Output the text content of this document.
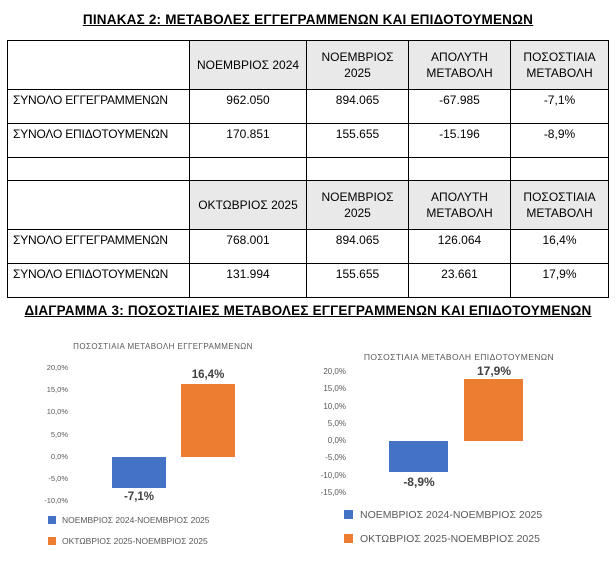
ΠΙΝΑΚΑΣ 2: ΜΕΤΑΒΟΛΕΣ ΕΓΓΕΓΡΑΜΜΕΝΩΝ ΚΑΙ ΕΠΙΔΟΤΟΥΜΕΝΩΝ
	ΝΟΕΜΒΡΙΟΣ 2024	ΝΟΕΜΒΡΙΟΣ 2025	ΑΠΟΛΥΤΗ ΜΕΤΑΒΟΛΗ	ΠΟΣΟΣΤΙΑΙΑ ΜΕΤΑΒΟΛΗ
ΣΥΝΟΛΟ ΕΓΓΕΓΡΑΜΜΕΝΩΝ	962.050	894.065	-67.985	-7,1%
ΣΥΝΟΛΟ ΕΠΙΔΟΤΟΥΜΕΝΩΝ	170.851	155.655	-15.196	-8,9%

	ΟΚΤΩΒΡΙΟΣ 2025	ΝΟΕΜΒΡΙΟΣ 2025	ΑΠΟΛΥΤΗ ΜΕΤΑΒΟΛΗ	ΠΟΣΟΣΤΙΑΙΑ ΜΕΤΑΒΟΛΗ
ΣΥΝΟΛΟ ΕΓΓΕΓΡΑΜΜΕΝΩΝ	768.001	894.065	126.064	16,4%
ΣΥΝΟΛΟ ΕΠΙΔΟΤΟΥΜΕΝΩΝ	131.994	155.655	23.661	17,9%
ΔΙΑΓΡΑΜΜΑ 3: ΠΟΣΟΣΤΙΑΙΕΣ ΜΕΤΑΒΟΛΕΣ ΕΓΓΕΓΡΑΜΜΕΝΩΝ ΚΑΙ ΕΠΙΔΟΤΟΥΜΕΝΩΝ
ΠΟΣΟΣΤΙΑΙΑ ΜΕΤΑΒΟΛΗ ΕΓΓΕΓΡΑΜΜΕΝΩΝ
-7,1%
16,4%
ΝΟΕΜΒΡΙΟΣ 2024-ΝΟΕΜΒΡΙΟΣ 2025
ΟΚΤΩΒΡΙΟΣ 2025-ΝΟΕΜΒΡΙΟΣ 2025
20,0%
15,0%
10,0%
5,0%
0,0%
-5,0%
-10,0%
ΠΟΣΟΣΤΙΑΙΑ ΜΕΤΑΒΟΛΗ ΕΠΙΔΟΤΟΥΜΕΝΩΝ
-8,9%
17,9%
ΝΟΕΜΒΡΙΟΣ 2024-ΝΟΕΜΒΡΙΟΣ 2025
ΟΚΤΩΒΡΙΟΣ 2025-ΝΟΕΜΒΡΙΟΣ 2025
20,0%
15,0%
10,0%
5,0%
0,0%
-5,0%
-10,0%
-15,0%
